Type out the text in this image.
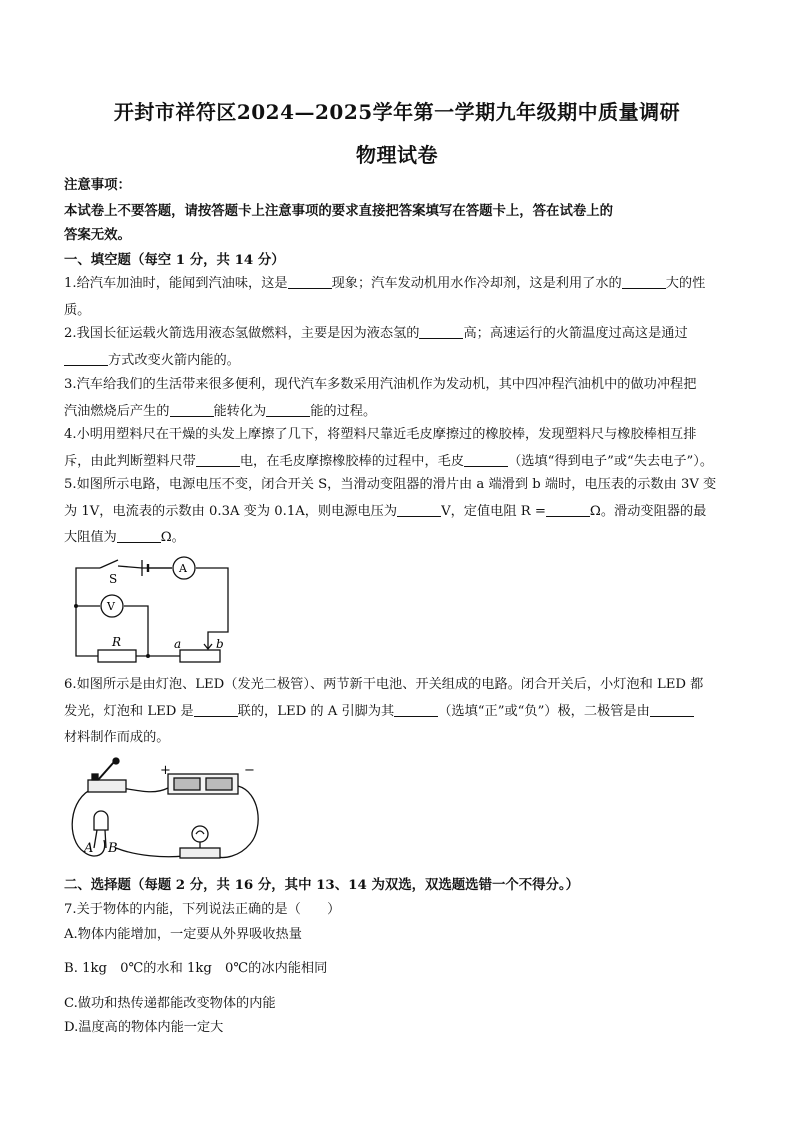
开封市祥符区2024—2025学年第一学期九年级期中质量调研
物理试卷
注意事项：
本试卷上不要答题，请按答题卡上注意事项的要求直接把答案填写在答题卡上，答在试卷上的
答案无效。
一、填空题（每空 1 分，共 14 分）
1.给汽车加油时，能闻到汽油味，这是	现象；汽车发动机用水作冷却剂，这是利用了水的	大的性
质。
2.我国长征运载火箭选用液态氢做燃料，主要是因为液态氢的	高；高速运行的火箭温度过高这是通过
方式改变火箭内能的。
3.汽车给我们的生活带来很多便利，现代汽车多数采用汽油机作为发动机，其中四冲程汽油机中的做功冲程把
汽油燃烧后产生的	能转化为	能的过程。
4.小明用塑料尺在干燥的头发上摩擦了几下，将塑料尺靠近毛皮摩擦过的橡胶棒，发现塑料尺与橡胶棒相互排
斥，由此判断塑料尺带	电，在毛皮摩擦橡胶棒的过程中，毛皮	（选填“得到电子”或“失去电子”）。
5.如图所示电路，电源电压不变，闭合开关 S，当滑动变阻器的滑片由 a 端滑到 b 端时，电压表的示数由 3V 变
为 1V，电流表的示数由 0.3A 变为 0.1A，则电源电压为	V，定值电阻 R =	Ω。滑动变阻器的最
大阻值为	Ω。
S
A
V
R	a	b
6.如图所示是由灯泡、LED（发光二极管）、两节新干电池、开关组成的电路。闭合开关后，小灯泡和 LED 都
发光，灯泡和 LED 是	联的，LED 的 A 引脚为其	（选填“正”或“负”）极，二极管是由
材料制作而成的。
+	−
A B
二、选择题（每题 2 分，共 16 分，其中 13、14 为双选，双选题选错一个不得分。）
7.关于物体的内能，下列说法正确的是（　　）
A.物体内能增加，一定要从外界吸收热量
B. 1kg　0℃的水和 1kg　0℃的冰内能相同
C.做功和热传递都能改变物体的内能
D.温度高的物体内能一定大
